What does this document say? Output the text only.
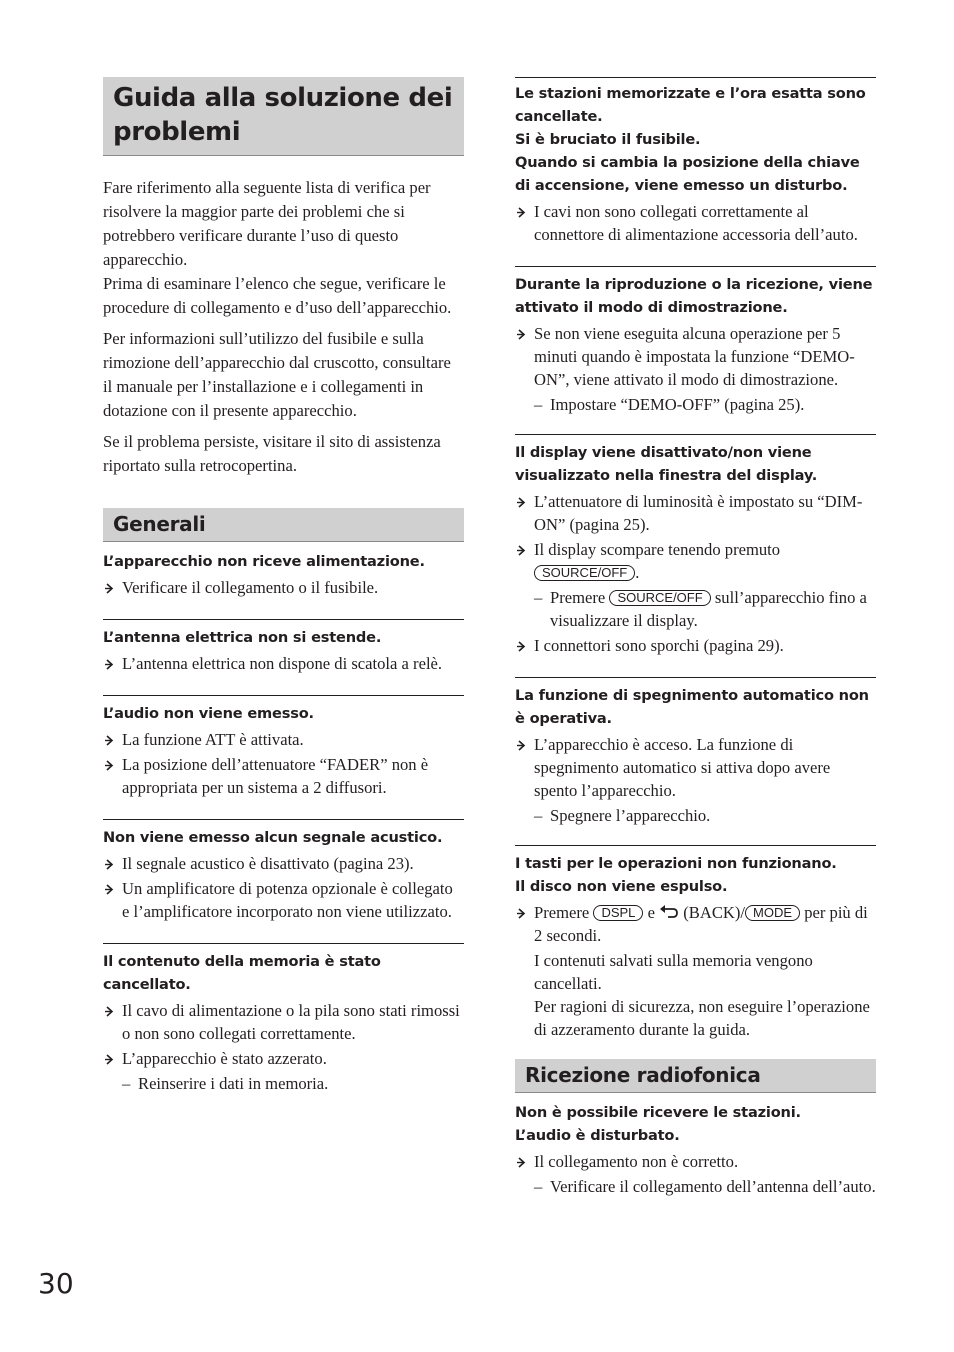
Guida alla soluzione dei problemi

Fare riferimento alla seguente lista di verifica per risolvere la maggior parte dei problemi che si potrebbero verificare durante l’uso di questo apparecchio.
Prima di esaminare l’elenco che segue, verificare le procedure di collegamento e d’uso dell’apparecchio.

Per informazioni sull’utilizzo del fusibile e sulla rimozione dell’apparecchio dal cruscotto, consultare il manuale per l’installazione e i collegamenti in dotazione con il presente apparecchio.

Se il problema persiste, visitare il sito di assistenza riportato sulla retrocopertina.

Generali
L’apparecchio non riceve alimentazione.
Verificare il collegamento o il fusibile.
L’antenna elettrica non si estende.
L’antenna elettrica non dispone di scatola a relè.
L’audio non viene emesso.
La funzione ATT è attivata.
La posizione dell’attenuatore “FADER” non è appropriata per un sistema a 2 diffusori.
Non viene emesso alcun segnale acustico.
Il segnale acustico è disattivato (pagina 23).
Un amplificatore di potenza opzionale è collegato e l’amplificatore incorporato non viene utilizzato.
Il contenuto della memoria è stato cancellato.
Il cavo di alimentazione o la pila sono stati rimossi o non sono collegati correttamente.
L’apparecchio è stato azzerato.
– Reinserire i dati in memoria.
Le stazioni memorizzate e l’ora esatta sono cancellate.
Si è bruciato il fusibile.
Quando si cambia la posizione della chiave di accensione, viene emesso un disturbo.
I cavi non sono collegati correttamente al connettore di alimentazione accessoria dell’auto.
Durante la riproduzione o la ricezione, viene attivato il modo di dimostrazione.
Se non viene eseguita alcuna operazione per 5 minuti quando è impostata la funzione “DEMO-ON”, viene attivato il modo di dimostrazione.
– Impostare “DEMO-OFF” (pagina 25).
Il display viene disattivato/non viene visualizzato nella finestra del display.
L’attenuatore di luminosità è impostato su “DIM-ON” (pagina 25).
Il display scompare tenendo premuto
SOURCE/OFF .
– Premere SOURCE/OFF sull’apparecchio fino a visualizzare il display.
I connettori sono sporchi (pagina 29).
La funzione di spegnimento automatico non è operativa.
L’apparecchio è acceso. La funzione di spegnimento automatico si attiva dopo avere spento l’apparecchio.
– Spegnere l’apparecchio.
I tasti per le operazioni non funzionano.
Il disco non viene espulso.
Premere DSPL e (BACK)/ MODE per più di 2 secondi.
I contenuti salvati sulla memoria vengono cancellati.
Per ragioni di sicurezza, non eseguire l’operazione di azzeramento durante la guida.
Ricezione radiofonica
Non è possibile ricevere le stazioni.
L’audio è disturbato.
Il collegamento non è corretto.
– Verificare il collegamento dell’antenna dell’auto.
30
